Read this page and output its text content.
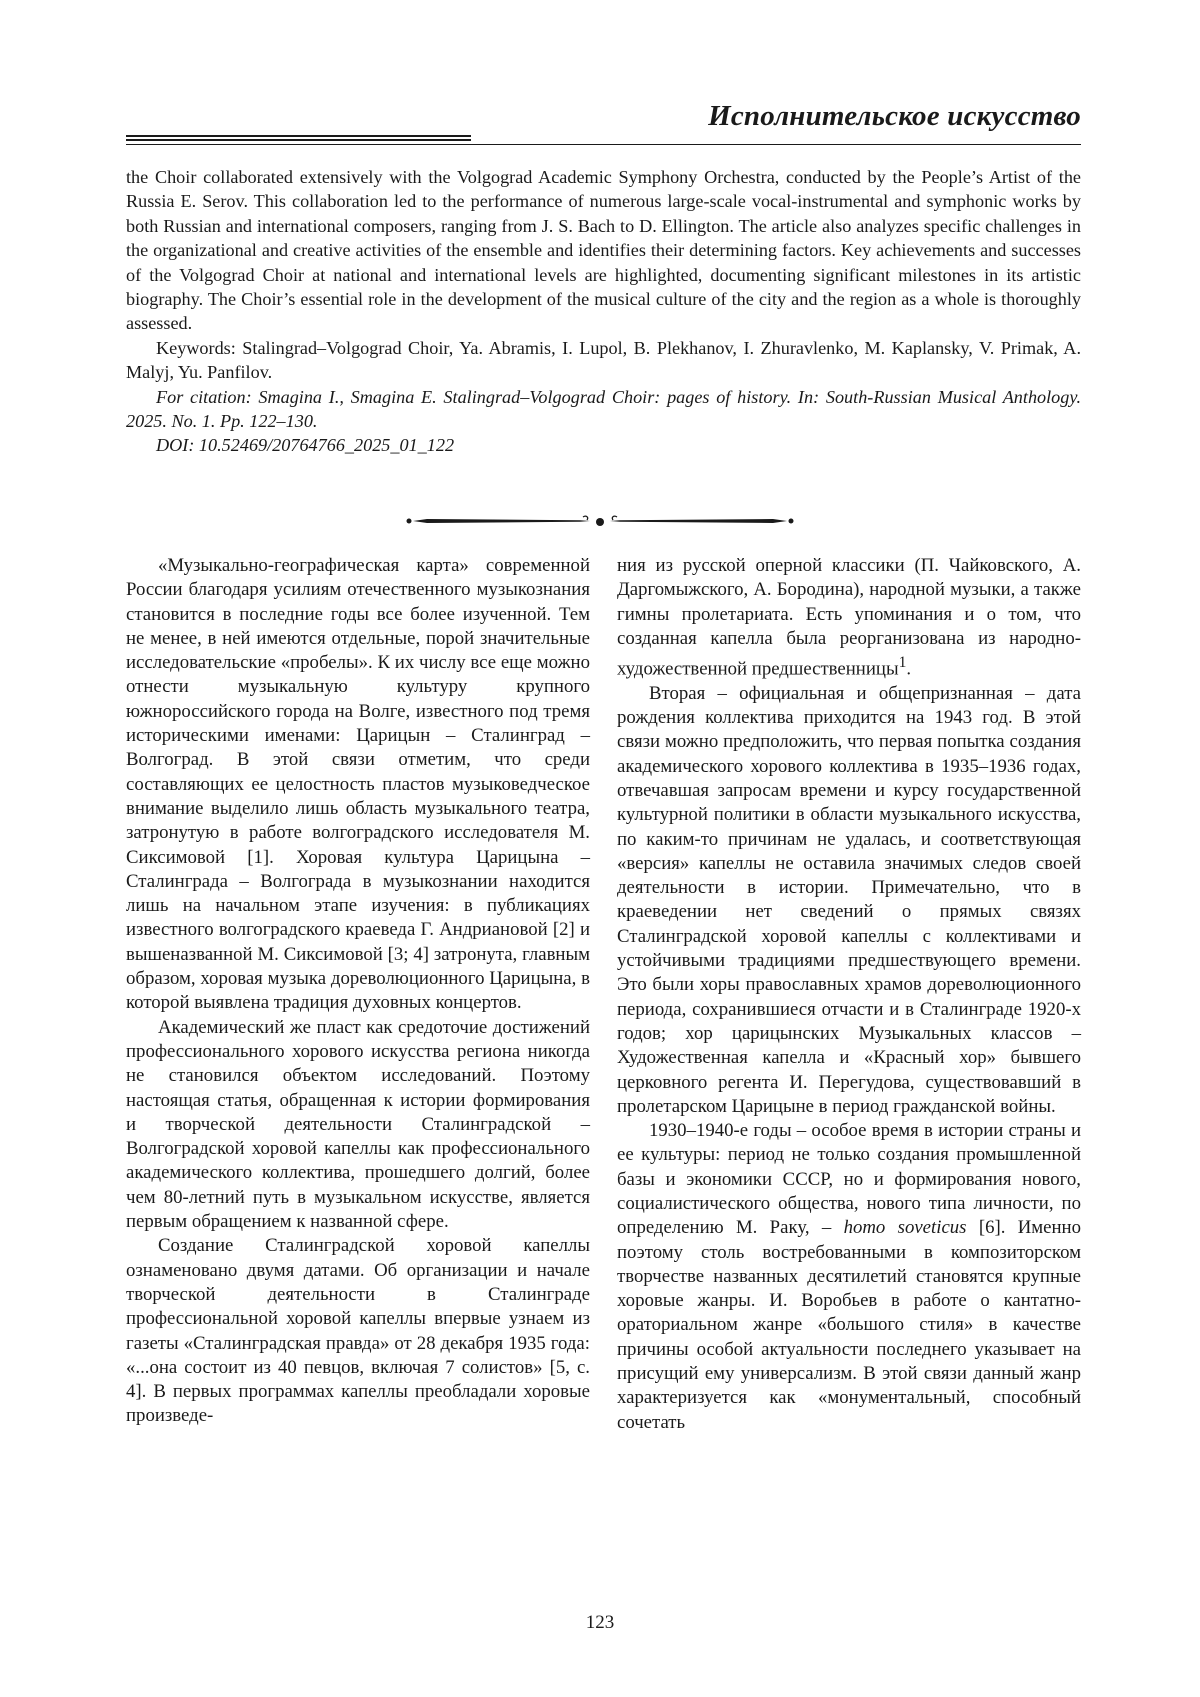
Исполнительское искусство

the Choir collaborated extensively with the Volgograd Academic Symphony Orchestra, conducted by the People’s Artist of the Russia E. Serov. This collaboration led to the performance of numerous large-scale vocal-instrumental and symphonic works by both Russian and international composers, ranging from J. S. Bach to D. Ellington. The article also analyzes specific challenges in the organizational and creative activities of the ensemble and identifies their determining factors. Key achievements and successes of the Volgograd Choir at national and international levels are highlighted, documenting significant milestones in its artistic biography. The Choir’s essential role in the development of the musical culture of the city and the region as a whole is thoroughly assessed.

Keywords: Stalingrad–Volgograd Choir, Ya. Abramis, I. Lupol, B. Plekhanov, I. Zhuravlenko, M. Kaplansky, V. Primak, A. Malyj, Yu. Panfilov.

For citation: Smagina I., Smagina E. Stalingrad–Volgograd Choir: pages of history. In: South-Russian Musical Anthology. 2025. No. 1. Pp. 122–130.

DOI: 10.52469/20764766_2025_01_122

«Музыкально-географическая карта» современной России благодаря усилиям отечественного музыкознания становится в последние годы все более изученной. Тем не менее, в ней имеются отдельные, порой значительные исследовательские «пробелы». К их числу все еще можно отнести музыкальную культуру крупного южнороссийского города на Волге, известного под тремя историческими именами: Царицын – Сталинград – Волгоград. В этой связи отметим, что среди составляющих ее целостность пластов музыковедческое внимание выделило лишь область музыкального театра, затронутую в работе волгоградского исследователя М. Сиксимовой [1]. Хоровая культура Царицына – Сталинграда – Волгограда в музыкознании находится лишь на начальном этапе изучения: в публикациях известного волгоградского краеведа Г. Андриановой [2] и вышеназванной М. Сиксимовой [3; 4] затронута, главным образом, хоровая музыка дореволюционного Царицына, в которой выявлена традиция духовных концертов.

Академический же пласт как средоточие достижений профессионального хорового искусства региона никогда не становился объектом исследований. Поэтому настоящая статья, обращенная к истории формирования и творческой деятельности Сталинградской – Волгоградской хоровой капеллы как профессионального академического коллектива, прошедшего долгий, более чем 80-летний путь в музыкальном искусстве, является первым обращением к названной сфере.

Создание Сталинградской хоровой капеллы ознаменовано двумя датами. Об организации и начале творческой деятельности в Сталинграде профессиональной хоровой капеллы впервые узнаем из газеты «Сталинградская правда» от 28 декабря 1935 года: «...она состоит из 40 певцов, включая 7 солистов» [5, с. 4]. В первых программах капеллы преобладали хоровые произведе-

ния из русской оперной классики (П. Чайковского, А. Даргомыжского, А. Бородина), народной музыки, а также гимны пролетариата. Есть упоминания и о том, что созданная капелла была реорганизована из народно-художественной предшественницы$^1$.

Вторая – официальная и общепризнанная – дата рождения коллектива приходится на 1943 год. В этой связи можно предположить, что первая попытка создания академического хорового коллектива в 1935–1936 годах, отвечавшая запросам времени и курсу государственной культурной политики в области музыкального искусства, по каким-то причинам не удалась, и соответствующая «версия» капеллы не оставила значимых следов своей деятельности в истории. Примечательно, что в краеведении нет сведений о прямых связях Сталинградской хоровой капеллы с коллективами и устойчивыми традициями предшествующего времени. Это были хоры православных храмов дореволюционного периода, сохранившиеся отчасти и в Сталинграде 1920-х годов; хор царицынских Музыкальных классов – Художественная капелла и «Красный хор» бывшего церковного регента И. Перегудова, существовавший в пролетарском Царицыне в период гражданской войны.

1930–1940-е годы – особое время в истории страны и ее культуры: период не только создания промышленной базы и экономики СССР, но и формирования нового, социалистического общества, нового типа личности, по определению М. Раку, – homo soveticus [6]. Именно поэтому столь востребованными в композиторском творчестве названных десятилетий становятся крупные хоровые жанры. И. Воробьев в работе о кантатно-ораториальном жанре «большого стиля» в качестве причины особой актуальности последнего указывает на присущий ему универсализм. В этой связи данный жанр характеризуется как «монументальный, способный сочетать

123
